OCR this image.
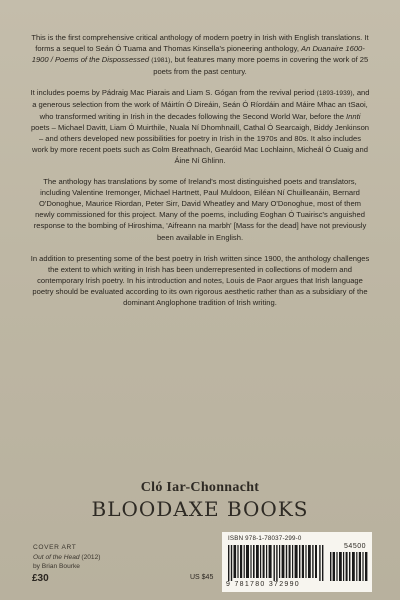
This is the first comprehensive critical anthology of modern poetry in Irish with English translations. It forms a sequel to Seán Ó Tuama and Thomas Kinsella's pioneering anthology, An Duanaire 1600-1900 / Poems of the Dispossessed (1981), but features many more poems in covering the work of 25 poets from the past century.

It includes poems by Pádraig Mac Piarais and Liam S. Gógan from the revival period (1893-1939), and a generous selection from the work of Máirtín Ó Direáin, Seán Ó Ríordáin and Máire Mhac an tSaoi, who transformed writing in Irish in the decades following the Second World War, before the Innti poets – Michael Davitt, Liam Ó Muirthile, Nuala Ní Dhomhnaill, Cathal Ó Searcaigh, Biddy Jenkinson – and others developed new possibilities for poetry in Irish in the 1970s and 80s. It also includes work by more recent poets such as Colm Breathnach, Gearóid Mac Lochlainn, Micheál Ó Cuaig and Áine Ní Ghlinn.

The anthology has translations by some of Ireland's most distinguished poets and translators, including Valentine Iremonger, Michael Hartnett, Paul Muldoon, Eiléan Ní Chuilleanáin, Bernard O'Donoghue, Maurice Riordan, Peter Sirr, David Wheatley and Mary O'Donoghue, most of them newly commissioned for this project. Many of the poems, including Eoghan Ó Tuairisc's anguished response to the bombing of Hiroshima, 'Aifreann na marbh' [Mass for the dead] have not previously been available in English.

In addition to presenting some of the best poetry in Irish written since 1900, the anthology challenges the extent to which writing in Irish has been underrepresented in collections of modern and contemporary Irish poetry. In his introduction and notes, Louis de Paor argues that Irish language poetry should be evaluated according to its own rigorous aesthetic rather than as a subsidiary of the dominant Anglophone tradition of Irish writing.

Cló Iar-Chonnacht
BLOODAXE BOOKS
COVER ART
Out of the Head (2012)
by Brian Bourke
£30	US $45
ISBN 978-1-78037-299-0
54500
9 781780 372990
